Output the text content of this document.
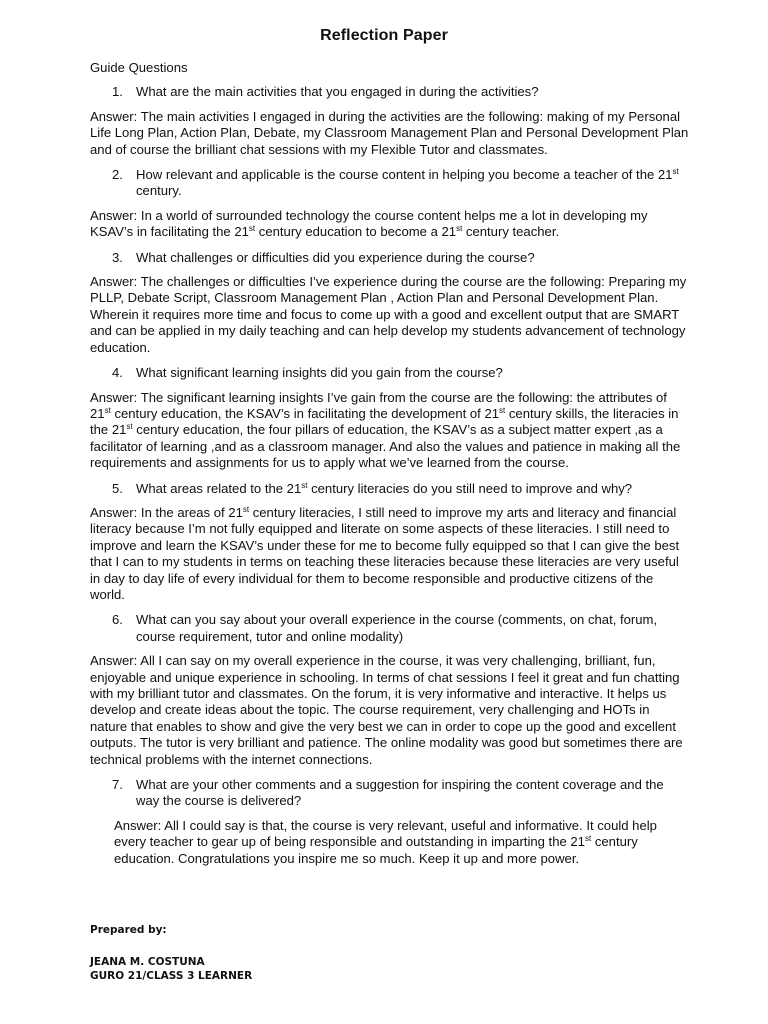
Reflection Paper
Guide Questions
1. What are the main activities that you engaged in during the activities?
Answer: The main activities I engaged in during the activities are the following: making of my Personal Life Long Plan, Action Plan, Debate, my Classroom Management Plan and Personal Development Plan and of course the brilliant chat sessions with my Flexible Tutor and classmates.
2. How relevant and applicable is the course content in helping you become a teacher of the 21st century.
Answer: In a world of surrounded technology the course content helps me a lot in developing my KSAV’s in facilitating the 21st century education to become a 21st century teacher.
3. What challenges or difficulties did you experience during the course?
Answer: The challenges or difficulties I’ve experience during the course are the following: Preparing my PLLP, Debate Script, Classroom Management Plan , Action Plan and Personal Development Plan. Wherein it requires more time and focus to come up with a good and excellent output that are SMART and can be applied in my daily teaching and can help develop my students advancement of technology education.
4. What significant learning insights did you gain from the course?
Answer: The significant learning insights I’ve gain from the course are the following: the attributes of 21st century education, the KSAV’s in facilitating the development of 21st century skills, the literacies in the 21st century education, the four pillars of education, the KSAV’s as a subject matter expert ,as a facilitator of learning ,and as a classroom manager. And also the values and patience in making all the requirements and assignments for us to apply what we’ve learned from the course.
5. What areas related to the 21st century literacies do you still need to improve and why?
Answer: In the areas of 21st century literacies, I still need to improve my arts and literacy and financial literacy because I’m not fully equipped and literate on some aspects of these literacies. I still need to improve and learn the KSAV’s under these for me to become fully equipped so that I can give the best that I can to my students in terms on teaching these literacies because these literacies are very useful in day to day life of every individual for them to become responsible and productive citizens of the world.
6. What can you say about your overall experience in the course (comments, on chat, forum, course requirement, tutor and online modality)
Answer: All I can say on my overall experience in the course, it was very challenging, brilliant, fun, enjoyable and unique experience in schooling. In terms of chat sessions I feel it great and fun chatting with my brilliant tutor and classmates. On the forum, it is very informative and interactive. It helps us develop and create ideas about the topic. The course requirement, very challenging and HOTs in nature that enables to show and give the very best we can in order to cope up the good and excellent outputs. The tutor is very brilliant and patience. The online modality was good but sometimes there are technical problems with the internet connections.
7. What are your other comments and a suggestion for inspiring the content coverage and the way the course is delivered?
Answer: All I could say is that, the course is very relevant, useful and informative. It could help every teacher to gear up of being responsible and outstanding in imparting the 21st century education. Congratulations you inspire me so much. Keep it up and more power.
Prepared by:
JEANA M. COSTUNA
GURO 21/CLASS 3 LEARNER
